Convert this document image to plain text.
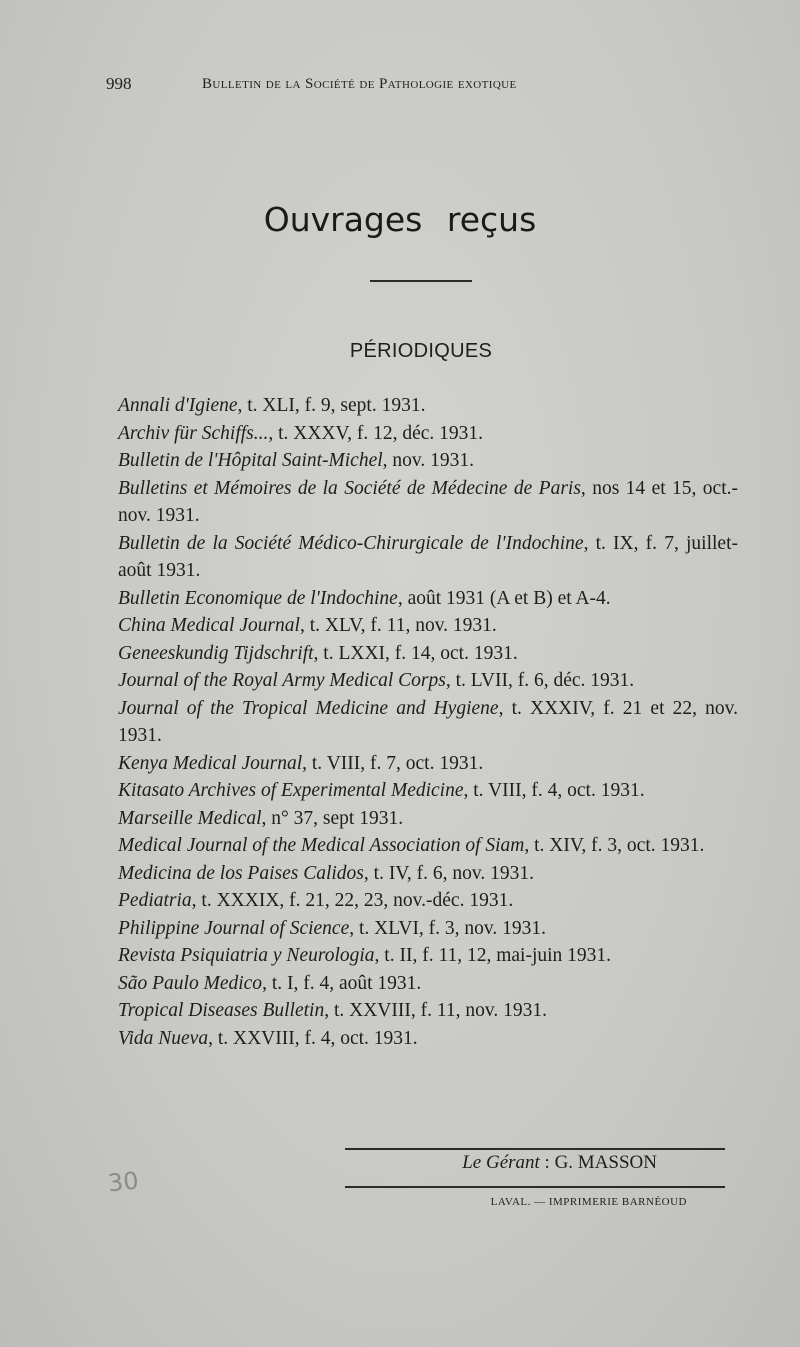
998	Bulletin de la Société de Pathologie exotique
Ouvrages reçus
PÉRIODIQUES
Annali d'Igiene, t. XLI, f. 9, sept. 1931.
Archiv für Schiffs..., t. XXXV, f. 12, déc. 1931.
Bulletin de l'Hôpital Saint-Michel, nov. 1931.
Bulletins et Mémoires de la Société de Médecine de Paris, nos 14 et 15, oct.-nov. 1931.
Bulletin de la Société Médico-Chirurgicale de l'Indochine, t. IX, f. 7, juillet-août 1931.
Bulletin Economique de l'Indochine, août 1931 (A et B) et A-4.
China Medical Journal, t. XLV, f. 11, nov. 1931.
Geneeskundig Tijdschrift, t. LXXI, f. 14, oct. 1931.
Journal of the Royal Army Medical Corps, t. LVII, f. 6, déc. 1931.
Journal of the Tropical Medicine and Hygiene, t. XXXIV, f. 21 et 22, nov. 1931.
Kenya Medical Journal, t. VIII, f. 7, oct. 1931.
Kitasato Archives of Experimental Medicine, t. VIII, f. 4, oct. 1931.
Marseille Medical, n° 37, sept 1931.
Medical Journal of the Medical Association of Siam, t. XIV, f. 3, oct. 1931.
Medicina de los Paises Calidos, t. IV, f. 6, nov. 1931.
Pediatria, t. XXXIX, f. 21, 22, 23, nov.-déc. 1931.
Philippine Journal of Science, t. XLVI, f. 3, nov. 1931.
Revista Psiquiatria y Neurologia, t. II, f. 11, 12, mai-juin 1931.
São Paulo Medico, t. I, f. 4, août 1931.
Tropical Diseases Bulletin, t. XXVIII, f. 11, nov. 1931.
Vida Nueva, t. XXVIII, f. 4, oct. 1931.
Le Gérant : G. MASSON
LAVAL. — IMPRIMERIE BARNÉOUD
30
